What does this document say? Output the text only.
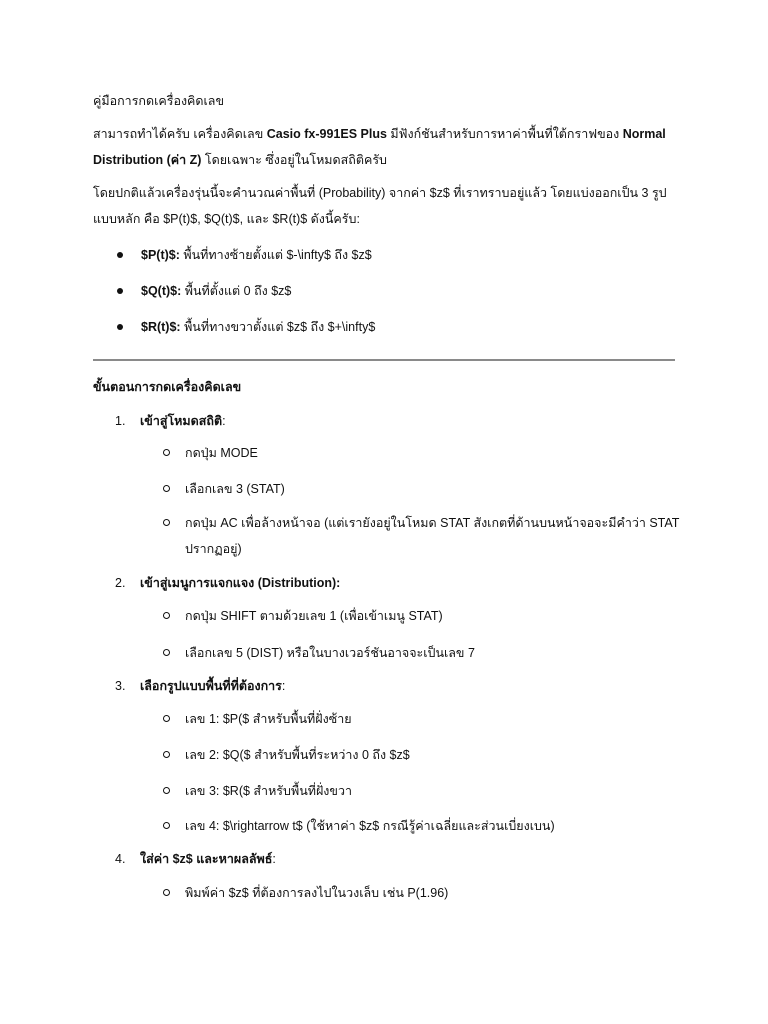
คู่มือการกดเครื่องคิดเลข

สามารถทำได้ครับ เครื่องคิดเลข Casio fx-991ES Plus มีฟังก์ชันสำหรับการหาค่าพื้นที่ใต้กราฟของ Normal Distribution (ค่า Z) โดยเฉพาะ ซึ่งอยู่ในโหมดสถิติครับ

โดยปกติแล้วเครื่องรุ่นนี้จะคำนวณค่าพื้นที่ (Probability) จากค่า $z$ ที่เราทราบอยู่แล้ว โดยแบ่งออกเป็น 3 รูปแบบหลัก คือ $P(t)$, $Q(t)$, และ $R(t)$ ดังนี้ครับ:

$P(t)$: พื้นที่ทางซ้ายตั้งแต่ $-\infty$ ถึง $z$
$Q(t)$: พื้นที่ตั้งแต่ 0 ถึง $z$
$R(t)$: พื้นที่ทางขวาตั้งแต่ $z$ ถึง $+\infty$

ขั้นตอนการกดเครื่องคิดเลข

1. เข้าสู่โหมดสถิติ:
กดปุ่ม MODE
เลือกเลข 3 (STAT)
กดปุ่ม AC เพื่อล้างหน้าจอ (แต่เรายังอยู่ในโหมด STAT สังเกตที่ด้านบนหน้าจอจะมีคำว่า STAT ปรากฏอยู่)
2. เข้าสู่เมนูการแจกแจง (Distribution):
กดปุ่ม SHIFT ตามด้วยเลข 1 (เพื่อเข้าเมนู STAT)
เลือกเลข 5 (DIST) หรือในบางเวอร์ชันอาจจะเป็นเลข 7
3. เลือกรูปแบบพื้นที่ที่ต้องการ:
เลข 1: $P($ สำหรับพื้นที่ฝั่งซ้าย
เลข 2: $Q($ สำหรับพื้นที่ระหว่าง 0 ถึง $z$
เลข 3: $R($ สำหรับพื้นที่ฝั่งขวา
เลข 4: $\rightarrow t$ (ใช้หาค่า $z$ กรณีรู้ค่าเฉลี่ยและส่วนเบี่ยงเบน)
4. ใส่ค่า $z$ และหาผลลัพธ์:
พิมพ์ค่า $z$ ที่ต้องการลงไปในวงเล็บ เช่น P(1.96)
